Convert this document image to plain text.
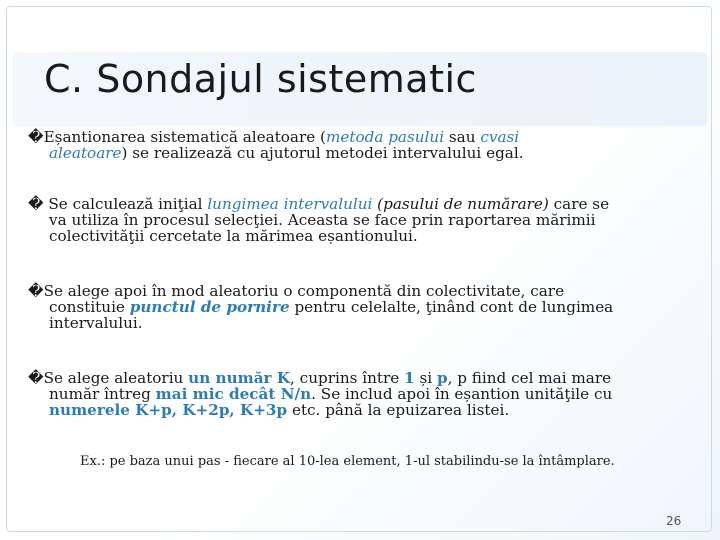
C. Sondajul sistematic
�Eșantionarea sistematică aleatoare (metoda pasului sau cvasi
aleatoare) se realizează cu ajutorul metodei intervalului egal.
� Se calculează iniţial lungimea intervalului (pasului de numărare) care se
va utiliza în procesul selecţiei. Aceasta se face prin raportarea mărimii
colectivităţii cercetate la mărimea eșantionului.
�Se alege apoi în mod aleatoriu o componentă din colectivitate, care
constituie punctul de pornire pentru celelalte, ţinând cont de lungimea
intervalului.
�Se alege aleatoriu un număr K, cuprins între 1 și p, p fiind cel mai mare
număr întreg mai mic decât N/n. Se includ apoi în eșantion unităţile cu
numerele K+p, K+2p, K+3p etc. până la epuizarea listei.
Ex.: pe baza unui pas - fiecare al 10-lea element, 1-ul stabilindu-se la întâmplare.
26
